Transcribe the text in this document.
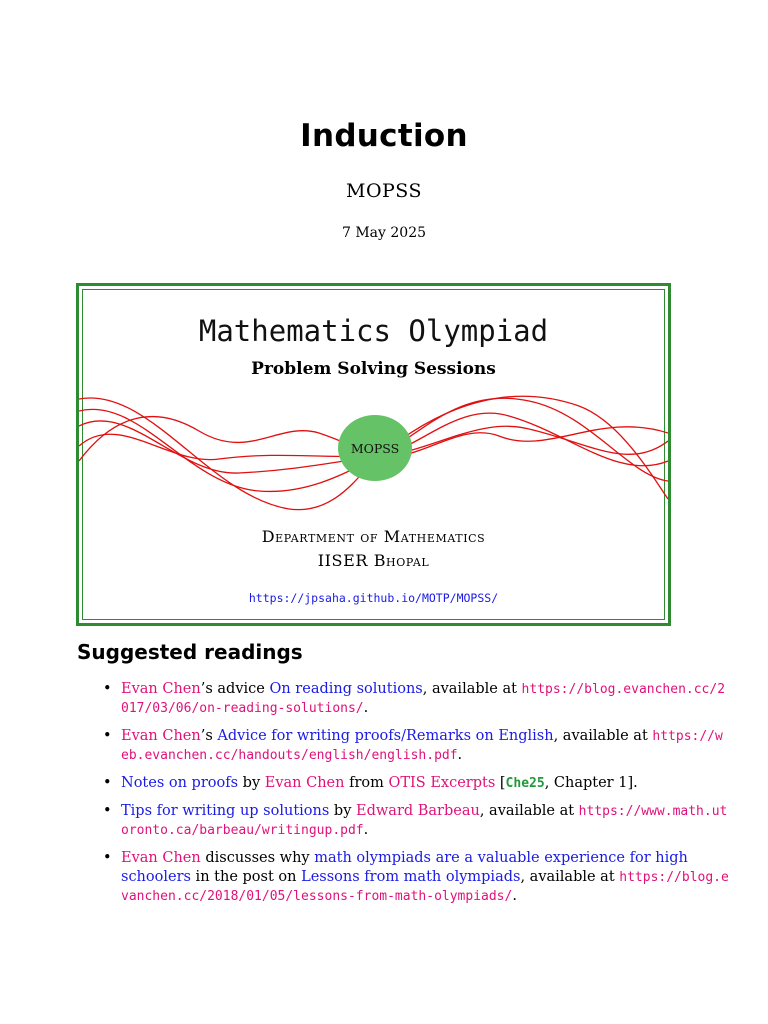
Induction
MOPSS
7 May 2025
Mathematics Olympiad
Problem Solving Sessions
MOPSS
Department of Mathematics
IISER Bhopal
https://jpsaha.github.io/MOTP/MOPSS/
Suggested readings
• Evan Chen’s advice On reading solutions, available at https://blog.evanchen.cc/2017/03/06/on-reading-solutions/.
• Evan Chen’s Advice for writing proofs/Remarks on English, available at https://web.evanchen.cc/handouts/english/english.pdf.
• Notes on proofs by Evan Chen from OTIS Excerpts [Che25, Chapter 1].
• Tips for writing up solutions by Edward Barbeau, available at https://www.math.utoronto.ca/barbeau/writingup.pdf.
• Evan Chen discusses why math olympiads are a valuable experience for high schoolers in the post on Lessons from math olympiads, available at https://blog.evanchen.cc/2018/01/05/lessons-from-math-olympiads/.
